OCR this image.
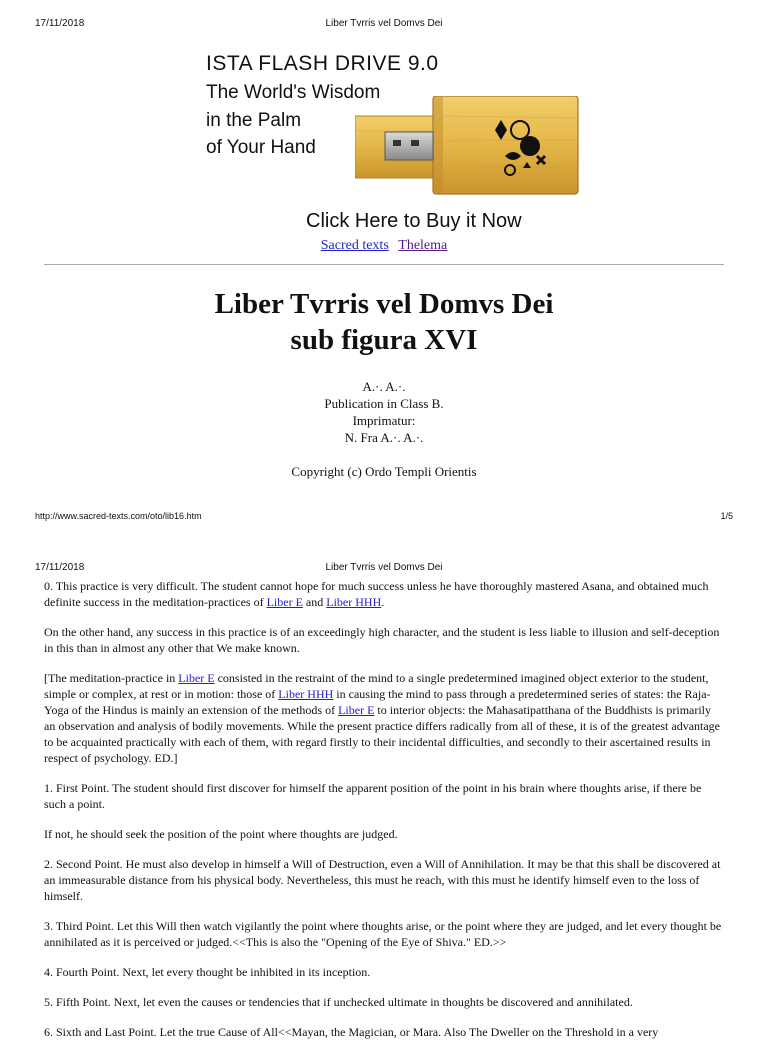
17/11/2018	Liber Tvrris vel Domvs Dei
ISTA FLASH DRIVE 9.0
The World's Wisdom
in the Palm
of Your Hand
Click Here to Buy it Now
Sacred texts Thelema
Liber Tvrris vel Domvs Dei
sub figura XVI
A.·. A.·.
Publication in Class B.
Imprimatur:
N. Fra A.·. A.·.
Copyright (c) Ordo Templi Orientis
http://www.sacred-texts.com/oto/lib16.htm	1/5
17/11/2018	Liber Tvrris vel Domvs Dei

0. This practice is very difficult. The student cannot hope for much success unless he have thoroughly mastered Asana, and obtained much definite success in the meditation-practices of Liber E and Liber HHH.

On the other hand, any success in this practice is of an exceedingly high character, and the student is less liable to illusion and self-deception in this than in almost any other that We make known.

[The meditation-practice in Liber E consisted in the restraint of the mind to a single predetermined imagined object exterior to the student, simple or complex, at rest or in motion: those of Liber HHH in causing the mind to pass through a predetermined series of states: the Raja-Yoga of the Hindus is mainly an extension of the methods of Liber E to interior objects: the Mahasatipatthana of the Buddhists is primarily an observation and analysis of bodily movements. While the present practice differs radically from all of these, it is of the greatest advantage to be acquainted practically with each of them, with regard firstly to their incidental difficulties, and secondly to their ascertained results in respect of psychology. ED.]

1. First Point. The student should first discover for himself the apparent position of the point in his brain where thoughts arise, if there be such a point.

If not, he should seek the position of the point where thoughts are judged.

2. Second Point. He must also develop in himself a Will of Destruction, even a Will of Annihilation. It may be that this shall be discovered at an immeasurable distance from his physical body. Nevertheless, this must he reach, with this must he identify himself even to the loss of himself.

3. Third Point. Let this Will then watch vigilantly the point where thoughts arise, or the point where they are judged, and let every thought be annihilated as it is perceived or judged.<<This is also the "Opening of the Eye of Shiva." ED.>>

4. Fourth Point. Next, let every thought be inhibited in its inception.

5. Fifth Point. Next, let even the causes or tendencies that if unchecked ultimate in thoughts be discovered and annihilated.

6. Sixth and Last Point. Let the true Cause of All<<Mayan, the Magician, or Mara. Also The Dweller on the Threshold in a very
